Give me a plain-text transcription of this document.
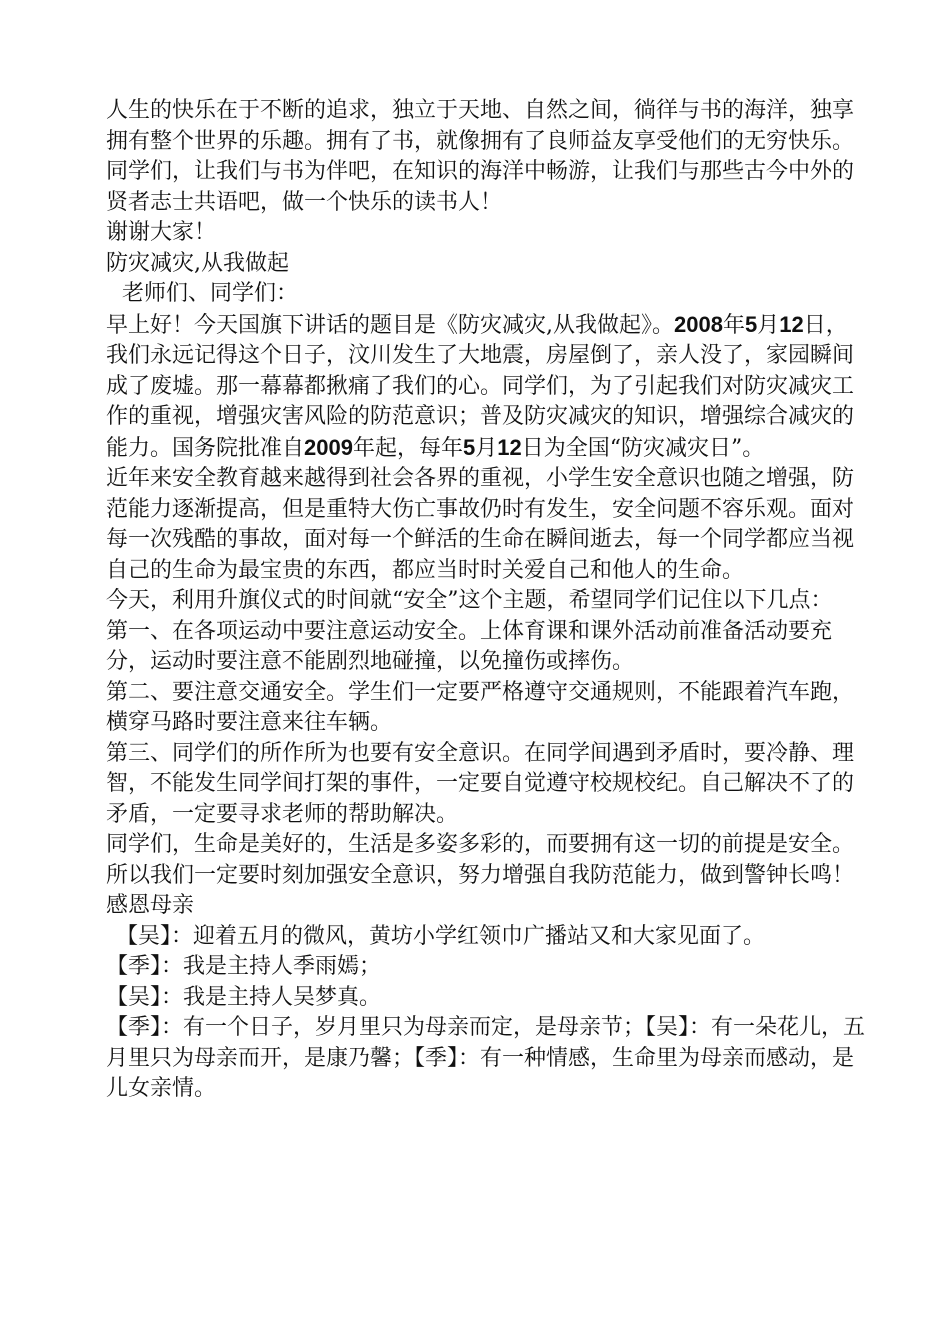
人生的快乐在于不断的追求，独立于天地、自然之间，徜徉与书的海洋，独享拥有整个世界的乐趣。拥有了书，就像拥有了良师益友享受他们的无穷快乐。同学们，让我们与书为伴吧，在知识的海洋中畅游，让我们与那些古今中外的贤者志士共语吧，做一个快乐的读书人！

谢谢大家！

防灾减灾,从我做起

老师们、同学们：

早上好！今天国旗下讲话的题目是《防灾减灾,从我做起》。2008年5月12日，我们永远记得这个日子，汶川发生了大地震，房屋倒了，亲人没了，家园瞬间成了废墟。那一幕幕都揪痛了我们的心。同学们，为了引起我们对防灾减灾工作的重视，增强灾害风险的防范意识；普及防灾减灾的知识，增强综合减灾的能力。国务院批准自2009年起，每年5月12日为全国“防灾减灾日”。

近年来安全教育越来越得到社会各界的重视，小学生安全意识也随之增强，防范能力逐渐提高，但是重特大伤亡事故仍时有发生，安全问题不容乐观。面对每一次残酷的事故，面对每一个鲜活的生命在瞬间逝去，每一个同学都应当视自己的生命为最宝贵的东西，都应当时时关爱自己和他人的生命。

今天，利用升旗仪式的时间就“安全”这个主题，希望同学们记住以下几点：

第一、在各项运动中要注意运动安全。上体育课和课外活动前准备活动要充分，运动时要注意不能剧烈地碰撞，以免撞伤或摔伤。

第二、要注意交通安全。学生们一定要严格遵守交通规则，不能跟着汽车跑，横穿马路时要注意来往车辆。

第三、同学们的所作所为也要有安全意识。在同学间遇到矛盾时，要冷静、理智，不能发生同学间打架的事件，一定要自觉遵守校规校纪。自己解决不了的矛盾，一定要寻求老师的帮助解决。

同学们，生命是美好的，生活是多姿多彩的，而要拥有这一切的前提是安全。所以我们一定要时刻加强安全意识，努力增强自我防范能力，做到警钟长鸣！

感恩母亲

【吴】：迎着五月的微风，黄坊小学红领巾广播站又和大家见面了。

【季】：我是主持人季雨嫣；

【吴】：我是主持人吴梦真。

【季】：有一个日子，岁月里只为母亲而定，是母亲节；【吴】：有一朵花儿，五月里只为母亲而开，是康乃馨；【季】：有一种情感，生命里为母亲而感动，是儿女亲情。
